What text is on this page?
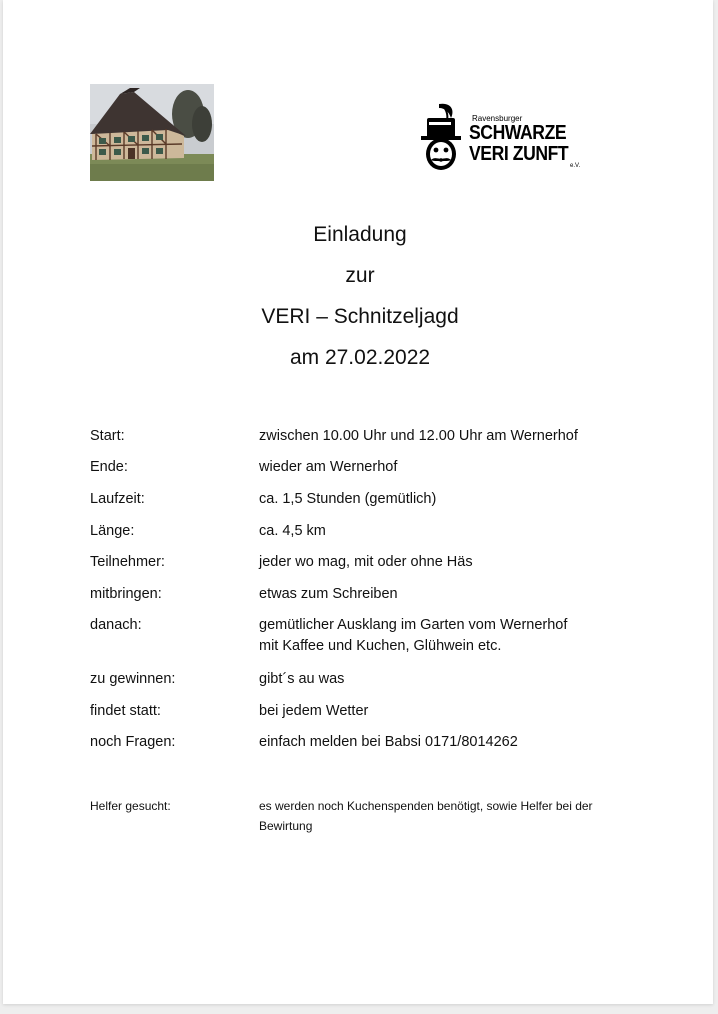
Ravensburger
SCHWARZE
VERI ZUNFT
e.V.
Einladung
zur
VERI – Schnitzeljagd
am 27.02.2022
Start:	zwischen 10.00 Uhr und 12.00 Uhr am Wernerhof
Ende:	wieder am Wernerhof
Laufzeit:	ca. 1,5 Stunden (gemütlich)
Länge:	ca. 4,5 km
Teilnehmer:	jeder wo mag, mit oder ohne Häs
mitbringen:	etwas zum Schreiben
danach:	gemütlicher Ausklang im Garten vom Wernerhof
mit Kaffee und Kuchen, Glühwein etc.
zu gewinnen:	gibt´s au was
findet statt:	bei jedem Wetter
noch Fragen:	einfach melden bei Babsi 0171/8014262
Helfer gesucht:	es werden noch Kuchenspenden benötigt, sowie Helfer bei der Bewirtung
